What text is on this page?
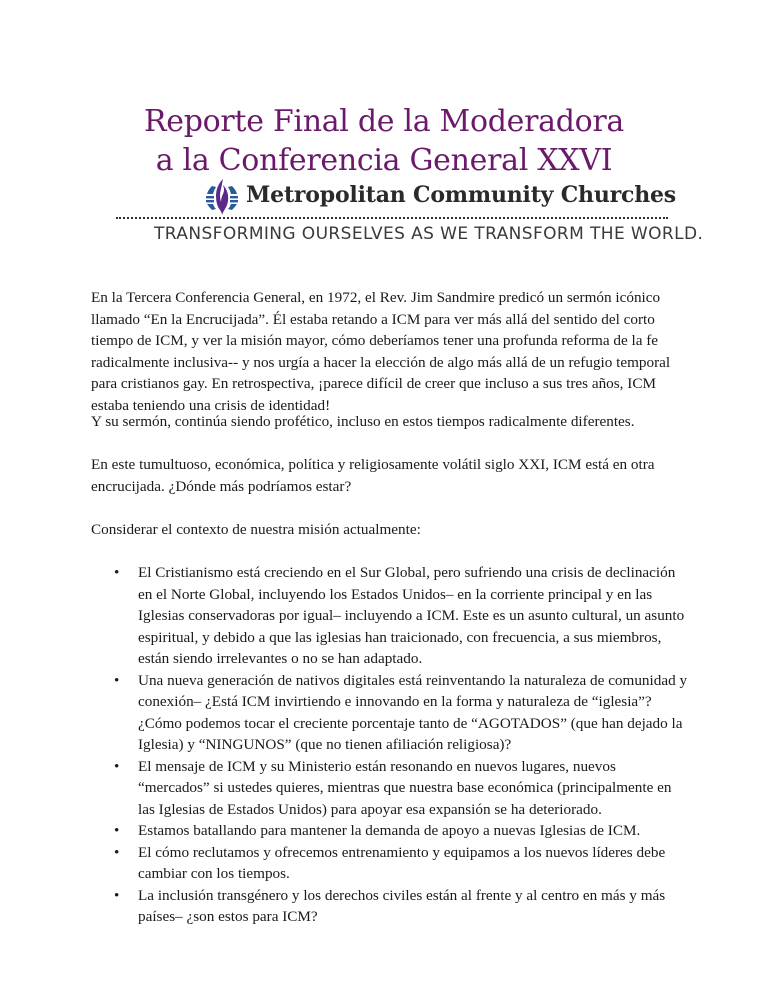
Reporte Final de la Moderadora
a la Conferencia General XXVI
Metropolitan Community Churches
TRANSFORMING OURSELVES AS WE TRANSFORM THE WORLD.

En la Tercera Conferencia General, en 1972, el Rev. Jim Sandmire predicó un sermón icónico llamado “En la Encrucijada”. Él estaba retando a ICM para ver más allá del sentido del corto tiempo de ICM, y ver la misión mayor, cómo deberíamos tener una profunda reforma de la fe radicalmente inclusiva-- y nos urgía a hacer la elección de algo más allá de un refugio temporal para cristianos gay. En retrospectiva, ¡parece difícil de creer que incluso a sus tres años, ICM estaba teniendo una crisis de identidad!

Y su sermón, continúa siendo profético, incluso en estos tiempos radicalmente diferentes.

En este tumultuoso, económica, política y religiosamente volátil siglo XXI, ICM está en otra encrucijada. ¿Dónde más podríamos estar?

Considerar el contexto de nuestra misión actualmente:

• El Cristianismo está creciendo en el Sur Global, pero sufriendo una crisis de declinación en el Norte Global, incluyendo los Estados Unidos– en la corriente principal y en las Iglesias conservadoras por igual– incluyendo a ICM. Este es un asunto cultural, un asunto espiritual, y debido a que las iglesias han traicionado, con frecuencia, a sus miembros, están siendo irrelevantes o no se han adaptado.
• Una nueva generación de nativos digitales está reinventando la naturaleza de comunidad y conexión– ¿Está ICM invirtiendo e innovando en la forma y naturaleza de “iglesia”? ¿Cómo podemos tocar el creciente porcentaje tanto de “AGOTADOS” (que han dejado la Iglesia) y “NINGUNOS” (que no tienen afiliación religiosa)?
• El mensaje de ICM y su Ministerio están resonando en nuevos lugares, nuevos “mercados” si ustedes quieres, mientras que nuestra base económica (principalmente en las Iglesias de Estados Unidos) para apoyar esa expansión se ha deteriorado.
• Estamos batallando para mantener la demanda de apoyo a nuevas Iglesias de ICM.
• El cómo reclutamos y ofrecemos entrenamiento y equipamos a los nuevos líderes debe cambiar con los tiempos.
• La inclusión transgénero y los derechos civiles están al frente y al centro en más y más países– ¿son estos para ICM?
